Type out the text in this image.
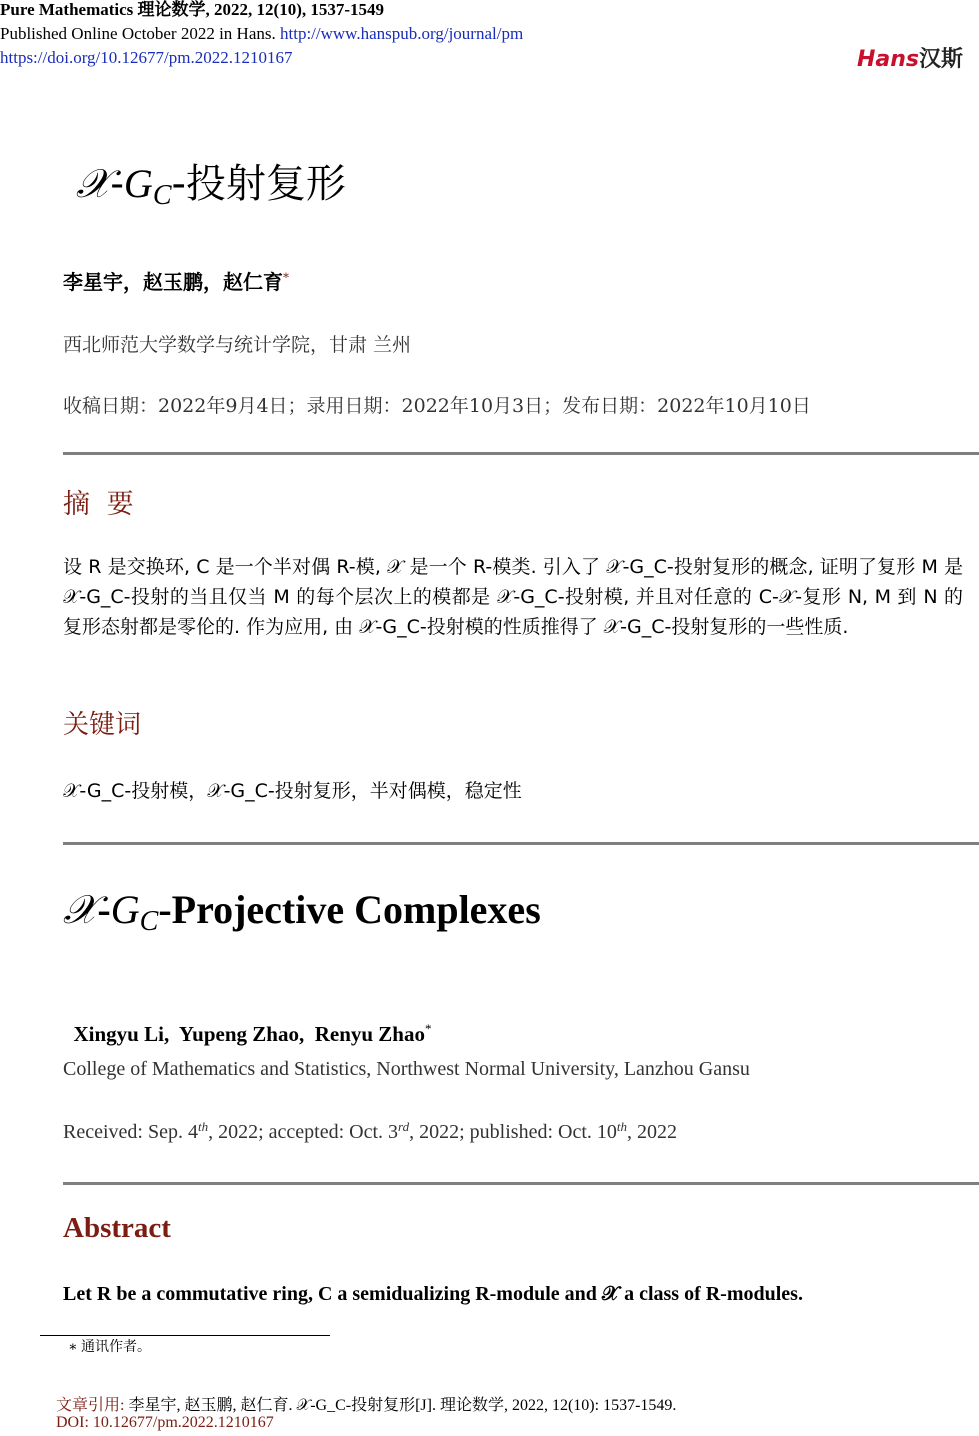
Pure Mathematics 理论数学, 2022, 12(10), 1537-1549
Published Online October 2022 in Hans. http://www.hanspub.org/journal/pm
https://doi.org/10.12677/pm.2022.1210167	Hans汉斯
$𝒳-G_C-$投射复形
李星宇，赵玉鹏，赵仁育*
西北师范大学数学与统计学院，甘肃 兰州
收稿日期：2022年9月4日；录用日期：2022年10月3日；发布日期：2022年10月10日
摘 要
设 R 是交换环, C 是一个半对偶 R-模, 𝒳 是一个 R-模类. 引入了 𝒳-G_C-投射复形的概念, 证明了复形 M 是 𝒳-G_C-投射的当且仅当 M 的每个层次上的模都是 𝒳-G_C-投射模, 并且对任意的 C-𝒳-复形 N, M 到 N 的复形态射都是零伦的. 作为应用, 由 𝒳-G_C-投射模的性质推得了 𝒳-G_C-投射复形的一些性质.
关键词
𝒳-G_C-投射模，𝒳-G_C-投射复形，半对偶模，稳定性
$𝒳-G_C$-Projective Complexes

Xingyu Li,  Yupeng Zhao,  Renyu Zhao*

College of Mathematics and Statistics, Northwest Normal University, Lanzhou Gansu
Received: Sep. 4th, 2022; accepted: Oct. 3rd, 2022; published: Oct. 10th, 2022
Abstract
Let R be a commutative ring, C a semidualizing R-module and 𝒳 a class of R-modules.
∗ 通讯作者。
文章引用: 李星宇, 赵玉鹏, 赵仁育. 𝒳-G_C-投射复形[J]. 理论数学, 2022, 12(10): 1537-1549.
DOI: 10.12677/pm.2022.1210167
